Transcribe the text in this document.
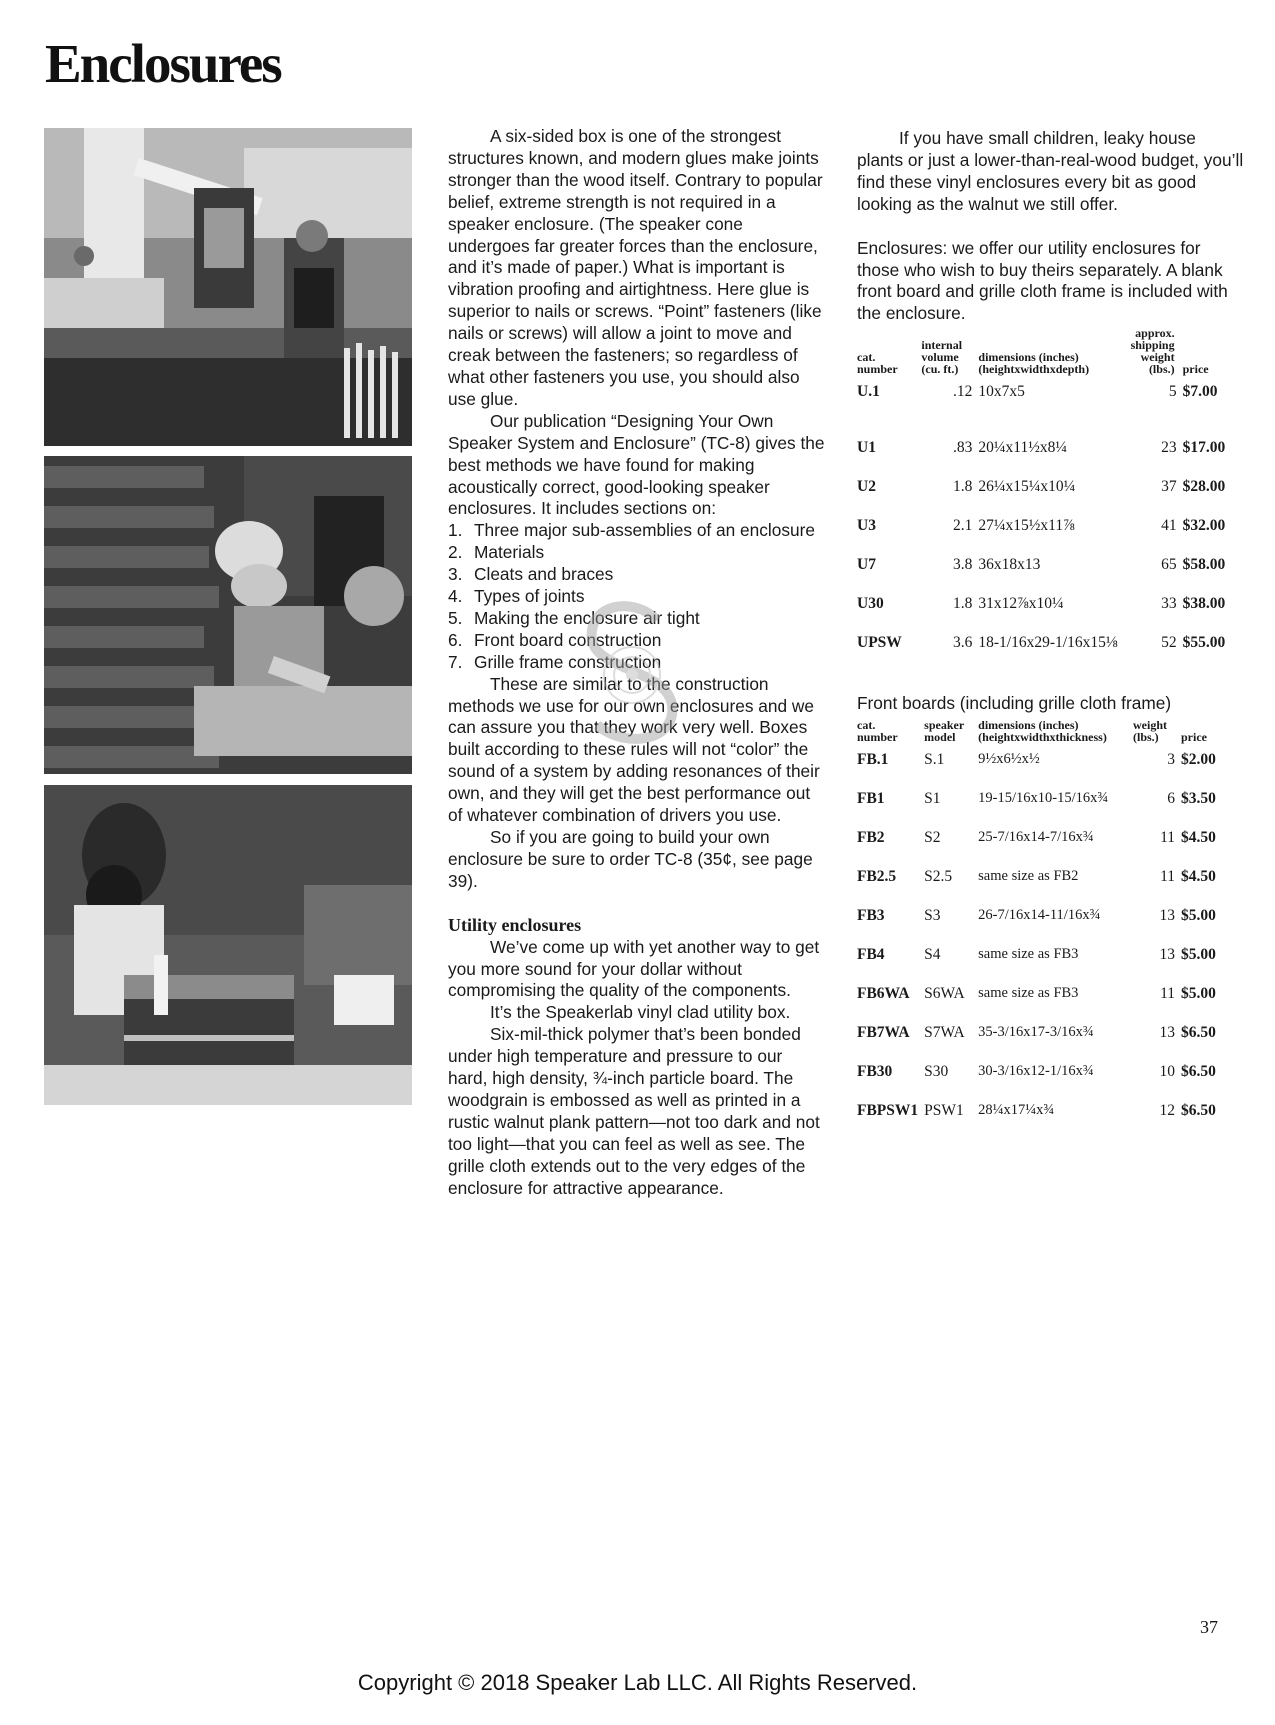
Enclosures

A six-sided box is one of the strongest structures known, and modern glues make joints stronger than the wood itself. Contrary to popular belief, extreme strength is not required in a speaker enclosure. (The speaker cone undergoes far greater forces than the enclosure, and it’s made of paper.) What is important is vibration proofing and airtightness. Here glue is superior to nails or screws. “Point” fasteners (like nails or screws) will allow a joint to move and creak between the fasteners; so regardless of what other fasteners you use, you should also use glue.

Our publication “Designing Your Own Speaker System and Enclosure” (TC-8) gives the best methods we have found for making acoustically correct, good-looking speaker enclosures. It includes sections on:

1. Three major sub-assemblies of an enclosure
2. Materials
3. Cleats and braces
4. Types of joints
5. Making the enclosure air tight
6. Front board construction
7. Grille frame construction

These are similar to the construction methods we use for our own enclosures and we can assure you that they work very well. Boxes built according to these rules will not “color” the sound of a system by adding resonances of their own, and they will get the best performance out of whatever combination of drivers you use.

So if you are going to build your own enclosure be sure to order TC-8 (35¢, see page 39).

Utility enclosures

We’ve come up with yet another way to get you more sound for your dollar without compromising the quality of the components.

It’s the Speakerlab vinyl clad utility box.

Six-mil-thick polymer that’s been bonded under high temperature and pressure to our hard, high density, ¾-inch particle board. The woodgrain is embossed as well as printed in a rustic walnut plank pattern—not too dark and not too light—that you can feel as well as see. The grille cloth extends out to the very edges of the enclosure for attractive appearance.

If you have small children, leaky house plants or just a lower-than-real-wood budget, you’ll find these vinyl enclosures every bit as good looking as the walnut we still offer.

Enclosures: we offer our utility enclosures for those who wish to buy theirs separately. A blank front board and grille cloth frame is included with the enclosure.

cat. number	internal volume (cu. ft.)	dimensions (inches) (heightxwidthxdepth)	approx. shipping weight (lbs.)	price
U.1	.12	10x7x5	5	$7.00
U1	.83	20¼x11½x8¼	23	$17.00
U2	1.8	26¼x15¼x10¼	37	$28.00
U3	2.1	27¼x15½x11⅞	41	$32.00
U7	3.8	36x18x13	65	$58.00
U30	1.8	31x12⅞x10¼	33	$38.00
UPSW	3.6	18-1/16x29-1/16x15⅛	52	$55.00

Front boards (including grille cloth frame)

cat. number	speaker model	dimensions (inches) (heightxwidthxthickness)	weight (lbs.)	price
FB.1	S.1	9½x6½x½	3	$2.00
FB1	S1	19-15/16x10-15/16x¾	6	$3.50
FB2	S2	25-7/16x14-7/16x¾	11	$4.50
FB2.5	S2.5	same size as FB2	11	$4.50
FB3	S3	26-7/16x14-11/16x¾	13	$5.00
FB4	S4	same size as FB3	13	$5.00
FB6WA	S6WA	same size as FB3	11	$5.00
FB7WA	S7WA	35-3/16x17-3/16x¾	13	$6.50
FB30	S30	30-3/16x12-1/16x¾	10	$6.50
FBPSW1	PSW1	28¼x17¼x¾	12	$6.50
37
Copyright © 2018 Speaker Lab LLC. All Rights Reserved.
